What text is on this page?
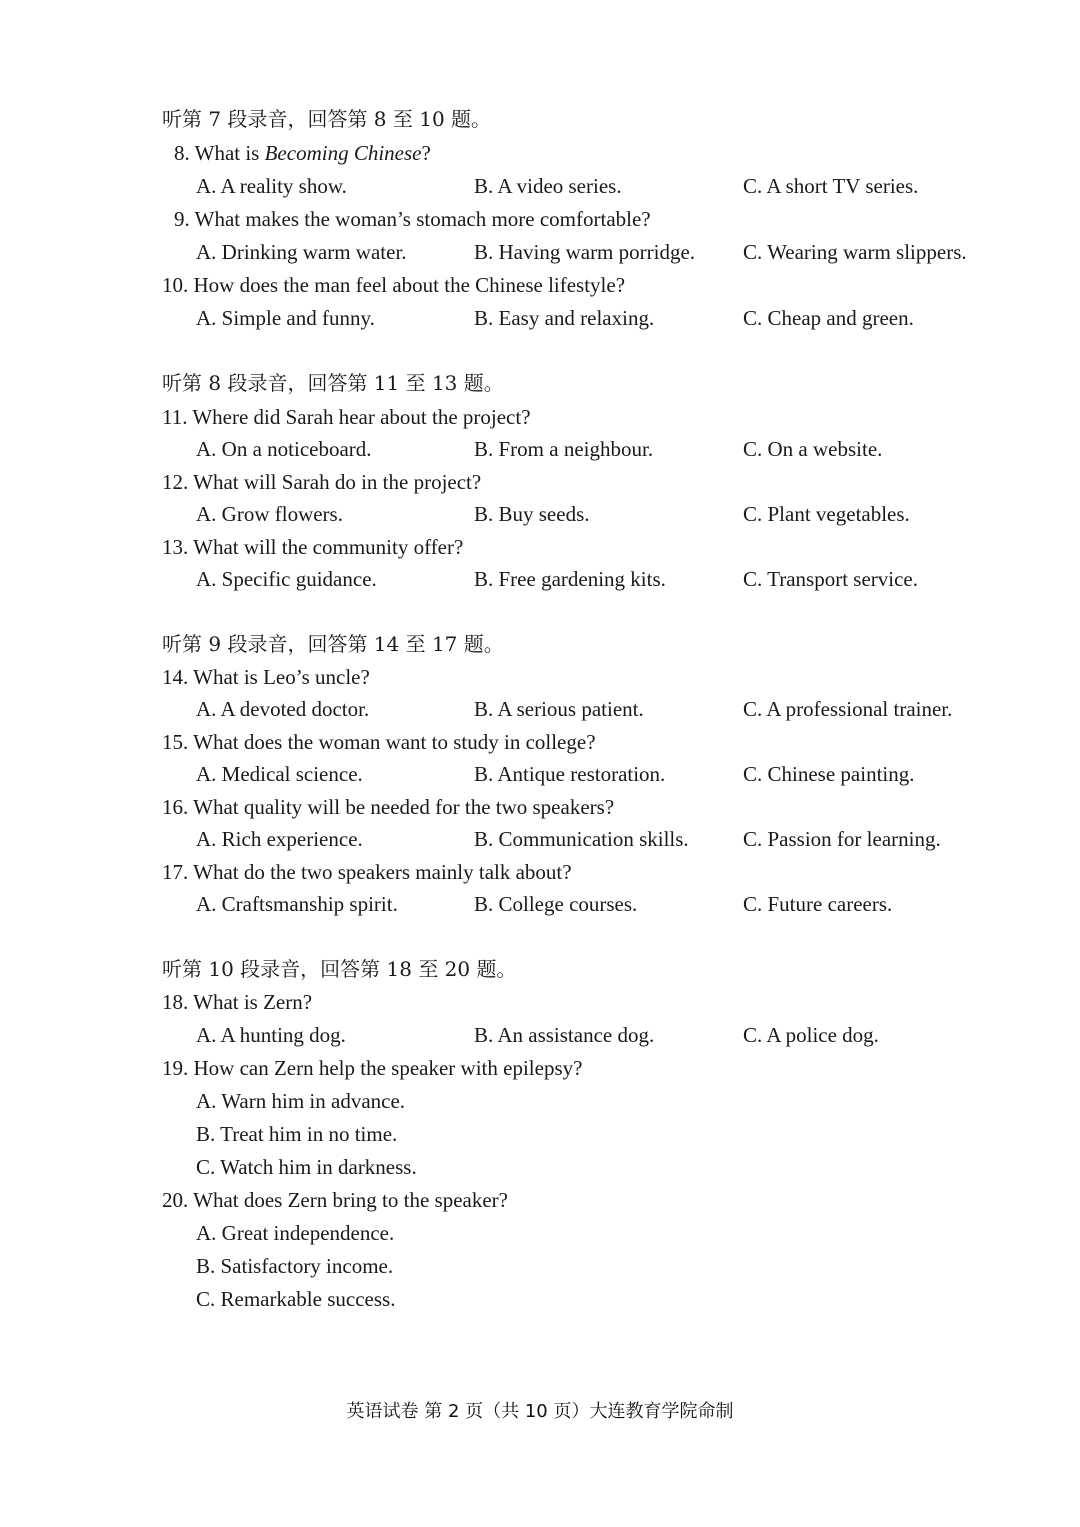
听第 7 段录音，回答第 8 至 10 题。
8. What is Becoming Chinese?
A. A reality show.	B. A video series.	C. A short TV series.
9. What makes the woman’s stomach more comfortable?
A. Drinking warm water.	B. Having warm porridge. C. Wearing warm slippers.
10. How does the man feel about the Chinese lifestyle?
A. Simple and funny.	B. Easy and relaxing.	C. Cheap and green.
听第 8 段录音，回答第 11 至 13 题。
11. Where did Sarah hear about the project?
A. On a noticeboard.	B. From a neighbour.	C. On a website.
12. What will Sarah do in the project?
A. Grow flowers.	B. Buy seeds.	C. Plant vegetables.
13. What will the community offer?
A. Specific guidance.	B. Free gardening kits.	C. Transport service.
听第 9 段录音，回答第 14 至 17 题。
14. What is Leo’s uncle?
A. A devoted doctor.	B. A serious patient.	C. A professional trainer.
15. What does the woman want to study in college?
A. Medical science.	B. Antique restoration.	C. Chinese painting.
16. What quality will be needed for the two speakers?
A. Rich experience.	B. Communication skills.	C. Passion for learning.
17. What do the two speakers mainly talk about?
A. Craftsmanship spirit.	B. College courses.	C. Future careers.
听第 10 段录音，回答第 18 至 20 题。
18. What is Zern?
A. A hunting dog.	B. An assistance dog.	C. A police dog.
19. How can Zern help the speaker with epilepsy?
A. Warn him in advance.
B. Treat him in no time.
C. Watch him in darkness.
20. What does Zern bring to the speaker?
A. Great independence.
B. Satisfactory income.
C. Remarkable success.
英语试卷 第 2 页（共 10 页）大连教育学院命制
